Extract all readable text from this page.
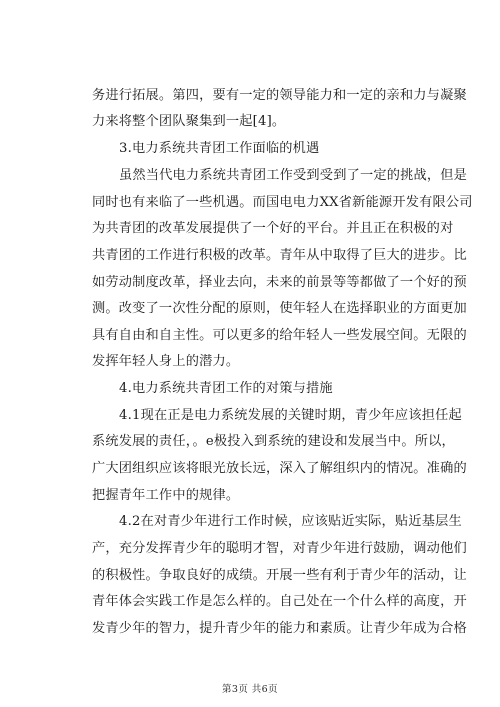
务进行拓展。第四，要有一定的领导能力和一定的亲和力与凝聚
力来将整个团队聚集到一起[4]。
3.电力系统共青团工作面临的机遇
虽然当代电力系统共青团工作受到受到了一定的挑战，但是
同时也有来临了一些机遇。而国电电力XX省新能源开发有限公司
为共青团的改革发展提供了一个好的平台。并且正在积极的对
共青团的工作进行积极的改革。青年从中取得了巨大的进步。比
如劳动制度改革，择业去向，未来的前景等等都做了一个好的预
测。改变了一次性分配的原则，使年轻人在选择职业的方面更加
具有自由和自主性。可以更多的给年轻人一些发展空间。无限的
发挥年轻人身上的潜力。
4.电力系统共青团工作的对策与措施
4.1现在正是电力系统发展的关键时期，青少年应该担任起
系统发展的责任，。e极投入到系统的建设和发展当中。所以，
广大团组织应该将眼光放长远，深入了解组织内的情况。准确的
把握青年工作中的规律。
4.2在对青少年进行工作时候，应该贴近实际，贴近基层生
产，充分发挥青少年的聪明才智，对青少年进行鼓励，调动他们
的积极性。争取良好的成绩。开展一些有利于青少年的活动，让
青年体会实践工作是怎么样的。自己处在一个什么样的高度，开
发青少年的智力，提升青少年的能力和素质。让青少年成为合格
第3页 共6页
